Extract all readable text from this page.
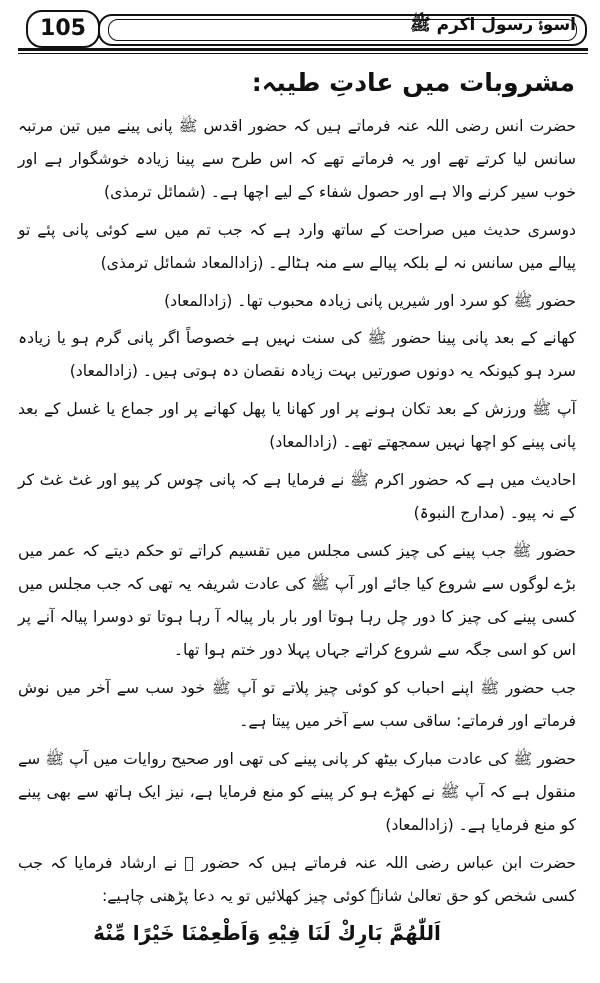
105	اسوۂ رسول اکرم ﷺ
مشروبات میں عادتِ طیبہ:

حضرت انس رضی اللہ عنہ فرماتے ہیں کہ حضور اقدس ﷺ پانی پینے میں تین مرتبہ سانس لیا کرتے تھے اور یہ فرماتے تھے کہ اس طرح سے پینا زیادہ خوشگوار ہے اور خوب سیر کرنے والا ہے اور حصول شفاء کے لیے اچھا ہے۔ (شمائل ترمذی)

دوسری حدیث میں صراحت کے ساتھ وارد ہے کہ جب تم میں سے کوئی پانی پئے تو پیالے میں سانس نہ لے بلکہ پیالے سے منہ ہٹالے۔ (زادالمعاد شمائل ترمذی)

حضور ﷺ کو سرد اور شیریں پانی زیادہ محبوب تھا۔ (زادالمعاد)

کھانے کے بعد پانی پینا حضور ﷺ کی سنت نہیں ہے خصوصاً اگر پانی گرم ہو یا زیادہ سرد ہو کیونکہ یہ دونوں صورتیں بہت زیادہ نقصان دہ ہوتی ہیں۔ (زادالمعاد)

آپ ﷺ ورزش کے بعد تکان ہونے پر اور کھانا یا پھل کھانے پر اور جماع یا غسل کے بعد پانی پینے کو اچھا نہیں سمجھتے تھے۔ (زادالمعاد)

احادیث میں ہے کہ حضور اکرم ﷺ نے فرمایا ہے کہ پانی چوس کر پیو اور غٹ غٹ کر کے نہ پیو۔ (مدارج النبوۃ)

حضور ﷺ جب پینے کی چیز کسی مجلس میں تقسیم کراتے تو حکم دیتے کہ عمر میں بڑے لوگوں سے شروع کیا جائے اور آپ ﷺ کی عادت شریفہ یہ تھی کہ جب مجلس میں کسی پینے کی چیز کا دور چل رہا ہوتا اور بار بار پیالہ آ رہا ہوتا تو دوسرا پیالہ آنے پر اس کو اسی جگہ سے شروع کراتے جہاں پہلا دور ختم ہوا تھا۔

جب حضور ﷺ اپنے احباب کو کوئی چیز پلاتے تو آپ ﷺ خود سب سے آخر میں نوش فرماتے اور فرماتے: ساقی سب سے آخر میں پیتا ہے۔

حضور ﷺ کی عادت مبارک بیٹھ کر پانی پینے کی تھی اور صحیح روایات میں آپ ﷺ سے منقول ہے کہ آپ ﷺ نے کھڑے ہو کر پینے کو منع فرمایا ہے، نیز ایک ہاتھ سے بھی پینے کو منع فرمایا ہے۔ (زادالمعاد)

حضرت ابن عباس رضی اللہ عنہ فرماتے ہیں کہ حضور ﷺ نے ارشاد فرمایا کہ جب کسی شخص کو حق تعالیٰ شانہٗ کوئی چیز کھلائیں تو یہ دعا پڑھنی چاہیے:

اَللّٰهُمَّ بَارِكْ لَنَا فِيْهِ وَاَطْعِمْنَا خَيْرًا مِّنْهُ
